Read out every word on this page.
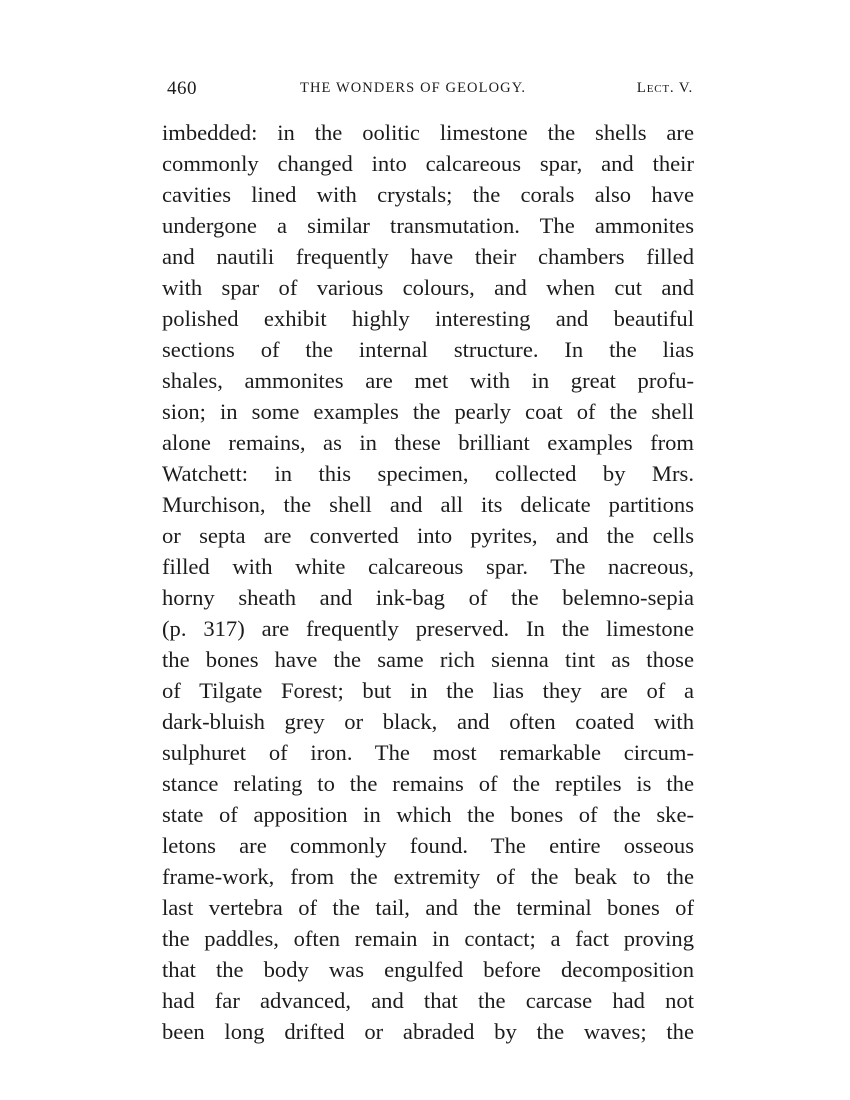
460	THE WONDERS OF GEOLOGY.	Lect. V.
imbedded: in the oolitic limestone the shells are
commonly changed into calcareous spar, and their
cavities lined with crystals; the corals also have
undergone a similar transmutation. The ammonites
and nautili frequently have their chambers filled
with spar of various colours, and when cut and
polished exhibit highly interesting and beautiful
sections of the internal structure. In the lias
shales, ammonites are met with in great profu-
sion; in some examples the pearly coat of the shell
alone remains, as in these brilliant examples from
Watchett: in this specimen, collected by Mrs.
Murchison, the shell and all its delicate partitions
or septa are converted into pyrites, and the cells
filled with white calcareous spar. The nacreous,
horny sheath and ink-bag of the belemno-sepia
(p. 317) are frequently preserved. In the limestone
the bones have the same rich sienna tint as those
of Tilgate Forest; but in the lias they are of a
dark-bluish grey or black, and often coated with
sulphuret of iron. The most remarkable circum-
stance relating to the remains of the reptiles is the
state of apposition in which the bones of the ske-
letons are commonly found. The entire osseous
frame-work, from the extremity of the beak to the
last vertebra of the tail, and the terminal bones of
the paddles, often remain in contact; a fact proving
that the body was engulfed before decomposition
had far advanced, and that the carcase had not
been long drifted or abraded by the waves; the
